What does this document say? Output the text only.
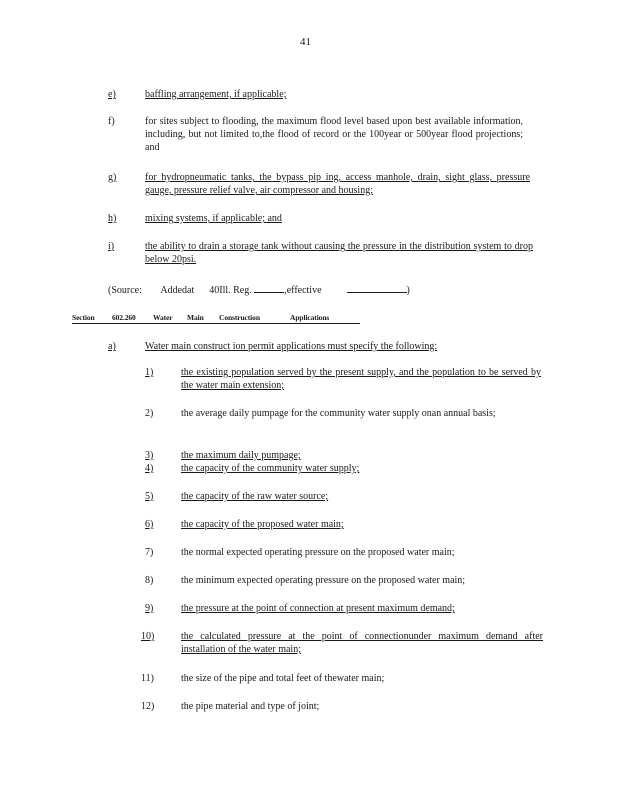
41
e)	baffling arrangement, if applicable;
f)	for sites subject to flooding, the maximum flood level based upon best available information, including, but not limited to,the flood of record or the 100year or 500year flood projections; and
g)	for hydropneumatic tanks, the bypass pip ing, access manhole, drain, sight glass, pressure gauge, pressure relief valve, air compressor and housing;
h)	mixing systems, if applicable; and
i)	the ability to drain a storage tank without causing the pressure in the distribution system to drop below 20psi.
(Source: Addedat 40Ill. Reg.	,effective	)
Section 602.260 Water Main Construction	Applications
a)	Water main construct ion permit applications must specify the following:
1)	the existing population served by the present supply, and the population to be served by the water main extension;
2)	the average daily pumpage for the community water supply onan annual basis;
3)	the maximum daily pumpage;
4)	the capacity of the community water supply;
5)	the capacity of the raw water source;
6)	the capacity of the proposed water main;
7)	the normal expected operating pressure on the proposed water main;
8)	the minimum expected operating pressure on the proposed water main;
9)	the pressure at the point of connection at present maximum demand;
10)	the calculated pressure at the point of connectionunder maximum demand after installation of the water main;
11)	the size of the pipe and total feet of thewater main;
12)	the pipe material and type of joint;
